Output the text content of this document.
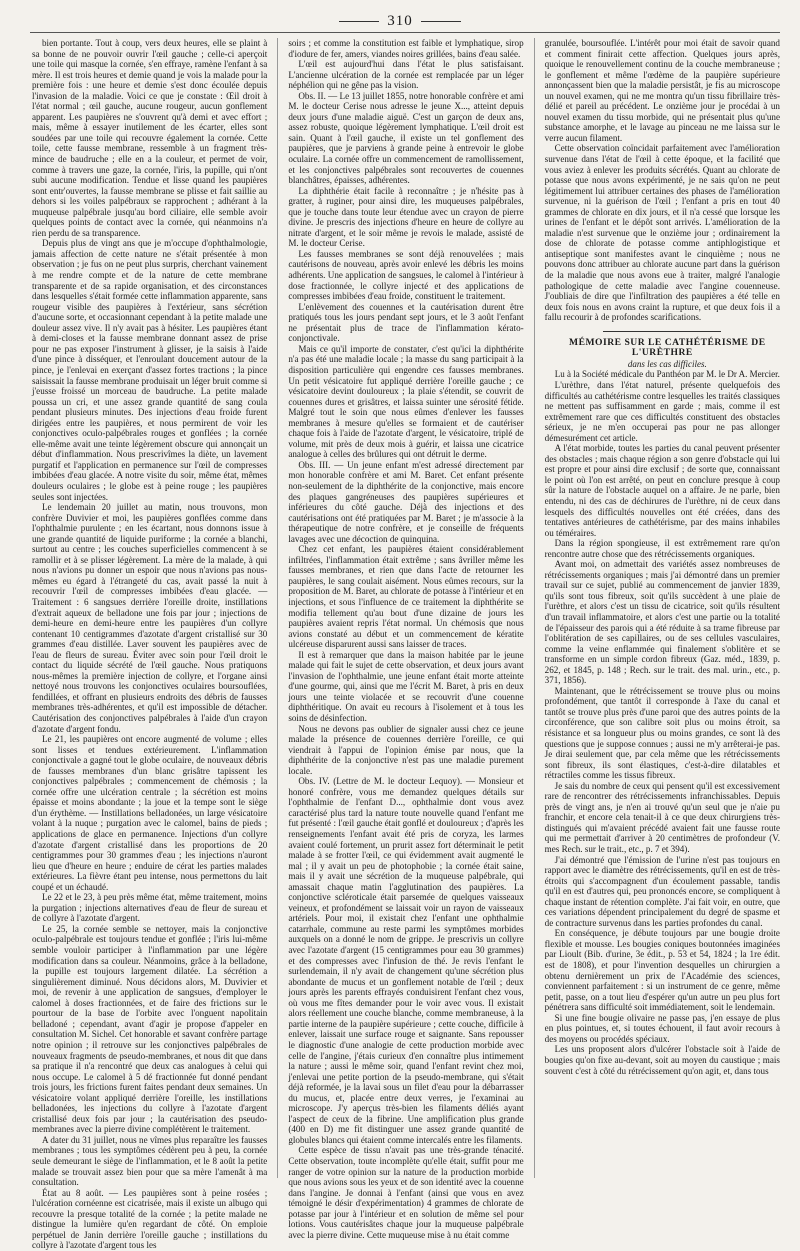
310

bien portante. Tout à coup, vers deux heures, elle se plaint à sa bonne de ne pouvoir ouvrir l'œil gauche ; celle-ci aperçoit une toile qui masque la cornée, s'en effraye, ramène l'enfant à sa mère. Il est trois heures et demie quand je vois la malade pour la première fois : une heure et demie s'est donc écoulée depuis l'invasion de la maladie. Voici ce que je constate : Œil droit à l'état normal ; œil gauche, aucune rougeur, aucun gonflement apparent. Les paupières ne s'ouvrent qu'à demi et avec effort ; mais, même à essayer inutilement de les écarter, elles sont soudées par une toile qui recouvre également la cornée. Cette toile, cette fausse membrane, ressemble à un fragment très-mince de baudruche ; elle en a la couleur, et permet de voir, comme à travers une gaze, la cornée, l'iris, la pupille, qui n'ont subi aucune modification. Tendue et lisse quand les paupières sont entr'ouvertes, la fausse membrane se plisse et fait saillie au dehors si les voiles palpébraux se rapprochent ; adhérant à la muqueuse palpébrale jusqu'au bord ciliaire, elle semble avoir quelques points de contact avec la cornée, qui néanmoins n'a rien perdu de sa transparence.

Depuis plus de vingt ans que je m'occupe d'ophthalmologie, jamais affection de cette nature ne s'était présentée à mon observation ; je fus on ne peut plus surpris, cherchant vainement à me rendre compte et de la nature de cette membrane transparente et de sa rapide organisation, et des circonstances dans lesquelles s'était formée cette inflammation apparente, sans rougeur visible des paupières à l'extérieur, sans sécrétion d'aucune sorte, et occasionnant cependant à la petite malade une douleur assez vive. Il n'y avait pas à hésiter. Les paupières étant à demi-closes et la fausse membrane donnant assez de prise pour ne pas exposer l'instrument à glisser, je la saisis à l'aide d'une pince à disséquer, et l'enroulant doucement autour de la pince, je l'enlevai en exerçant d'assez fortes tractions ; la pince saisissait la fausse membrane produisait un léger bruit comme si j'eusse froissé un morceau de baudruche. La petite malade poussa un cri, et une assez grande quantité de sang coula pendant plusieurs minutes. Des injections d'eau froide furent dirigées entre les paupières, et nous permirent de voir les conjonctives oculo-palpébrales rouges et gonflées ; la cornée elle-même avait une teinte légèrement obscure qui annonçait un début d'inflammation. Nous prescrivîmes la diète, un lavement purgatif et l'application en permanence sur l'œil de compresses imbibées d'eau glacée. A notre visite du soir, même état, mêmes douleurs oculaires ; le globe est à peine rouge ; les paupières seules sont injectées.

Le lendemain 20 juillet au matin, nous trouvons, mon confrère Duvivier et moi, les paupières gonflées comme dans l'ophthalmie purulente ; en les écartant, nous donnons issue à une grande quantité de liquide puriforme ; la cornée a blanchi, surtout au centre ; les couches superficielles commencent à se ramollir et à se plisser légèrement. La mère de la malade, à qui nous n'avions pu donner un espoir que nous n'avions pas nous-mêmes eu égard à l'étrangeté du cas, avait passé la nuit à recouvrir l'œil de compresses imbibées d'eau glacée. — Traitement : 6 sangsues derrière l'oreille droite, instillations d'extrait aqueux de belladone une fois par jour ; injections de demi-heure en demi-heure entre les paupières d'un collyre contenant 10 centigrammes d'azotate d'argent cristallisé sur 30 grammes d'eau distillée. Laver souvent les paupières avec de l'eau de fleurs de sureau. Éviter avec soin pour l'œil droit le contact du liquide sécrété de l'œil gauche. Nous pratiquons nous-mêmes la première injection de collyre, et l'organe ainsi nettoyé nous trouvons les conjonctives oculaires boursouflées, fendillées, et offrant en plusieurs endroits des débris de fausses membranes très-adhérentes, et qu'il est impossible de détacher. Cautérisation des conjonctives palpébrales à l'aide d'un crayon d'azotate d'argent fondu.

Le 21, les paupières ont encore augmenté de volume ; elles sont lisses et tendues extérieurement. L'inflammation conjonctivale a gagné tout le globe oculaire, de nouveaux débris de fausses membranes d'un blanc grisâtre tapissent les conjonctives palpébrales ; commencement de chémosis ; la cornée offre une ulcération centrale ; la sécrétion est moins épaisse et moins abondante ; la joue et la tempe sont le siège d'un érythème. — Instillations belladonées, un large vésicatoire volant à la nuque ; purgation avec le calomel, bains de pieds ; applications de glace en permanence. Injections d'un collyre d'azotate d'argent cristallisé dans les proportions de 20 centigrammes pour 30 grammes d'eau ; les injections n'auront lieu que d'heure en heure ; enduire de cérat les parties malades extérieures. La fièvre étant peu intense, nous permettons du lait coupé et un échaudé.

Le 22 et le 23, à peu près même état, même traitement, moins la purgation ; injections alternatives d'eau de fleur de sureau et de collyre à l'azotate d'argent.

Le 25, la cornée semble se nettoyer, mais la conjonctive oculo-palpébrale est toujours tendue et gonflée ; l'iris lui-même semble vouloir participer à l'inflammation par une légère modification dans sa couleur. Néanmoins, grâce à la belladone, la pupille est toujours largement dilatée. La sécrétion a singulièrement diminué. Nous décidons alors, M. Duvivier et moi, de revenir à une application de sangsues, d'employer le calomel à doses fractionnées, et de faire des frictions sur le pourtour de la base de l'orbite avec l'onguent napolitain belladoné ; cependant, avant d'agir je propose d'appeler en consultation M. Sichel. Cet honorable et savant confrère partage notre opinion ; il retrouve sur les conjonctives palpébrales de nouveaux fragments de pseudo-membranes, et nous dit que dans sa pratique il n'a rencontré que deux cas analogues à celui qui nous occupe. Le calomel à 5 dé fractionnée fut donné pendant trois jours, les frictions furent faites pendant deux semaines. Un vésicatoire volant appliqué derrière l'oreille, les instillations belladonées, les injections du collyre à l'azotate d'argent cristallisé deux fois par jour ; la cautérisation des pseudo-membranes avec la pierre divine complétèrent le traitement.

A dater du 31 juillet, nous ne vîmes plus reparaître les fausses membranes ; tous les symptômes cédèrent peu à peu, la cornée seule demeurant le siège de l'inflammation, et le 8 août la petite malade se trouvait assez bien pour que sa mère l'amenât à ma consultation.

État au 8 août. — Les paupières sont à peine rosées ; l'ulcération cornéenne est cicatrisée, mais il existe un albugo qui recouvre la presque totalité de la cornée ; la petite malade ne distingue la lumière qu'en regardant de côté. On emploie perpétuel de Janin derrière l'oreille gauche ; instillations du collyre à l'azotate d'argent tous les

soirs ; et comme la constitution est faible et lymphatique, sirop d'iodure de fer, amers, viandes noires grillées, bains d'eau salée.

L'œil est aujourd'hui dans l'état le plus satisfaisant. L'ancienne ulcération de la cornée est remplacée par un léger néphélion qui ne gêne pas la vision.

Obs. II. — Le 13 juillet 1855, notre honorable confrère et ami M. le docteur Cerise nous adresse le jeune X..., atteint depuis deux jours d'une maladie aiguë. C'est un garçon de deux ans, assez robuste, quoique légèrement lymphatique. L'œil droit est sain. Quant à l'œil gauche, il existe un tel gonflement des paupières, que je parviens à grande peine à entrevoir le globe oculaire. La cornée offre un commencement de ramollissement, et les conjonctives palpébrales sont recouvertes de couennes blanchâtres, épaisses, adhérentes.

La diphthérie était facile à reconnaître ; je n'hésite pas à gratter, à ruginer, pour ainsi dire, les muqueuses palpébrales, que je touche dans toute leur étendue avec un crayon de pierre divine. Je prescris des injections d'heure en heure de collyre au nitrate d'argent, et le soir même je revois le malade, assisté de M. le docteur Cerise.

Les fausses membranes se sont déjà renouvelées ; mais cautérisons de nouveau, après avoir enlevé les débris les moins adhérents. Une application de sangsues, le calomel à l'intérieur à dose fractionnée, le collyre injecté et des applications de compresses imbibées d'eau froide, constituent le traitement.

L'enlèvement des couennes et la cautérisation durent être pratiqués tous les jours pendant sept jours, et le 3 août l'enfant ne présentait plus de trace de l'inflammation kérato-conjonctivale.

Mais ce qu'il importe de constater, c'est qu'ici la diphthérite n'a pas été une maladie locale ; la masse du sang participait à la disposition particulière qui engendre ces fausses membranes. Un petit vésicatoire fut appliqué derrière l'oreille gauche ; ce vésicatoire devint douloureux ; la plaie s'étendit, se couvrit de couennes dures et grisâtres, et laissa suinter une sérosité fétide. Malgré tout le soin que nous eûmes d'enlever les fausses membranes à mesure qu'elles se formaient et de cautériser chaque fois à l'aide de l'azotate d'argent, le vésicatoire, triplé de volume, mit près de deux mois à guérir, et laissa une cicatrice analogue à celles des brûlures qui ont détruit le derme.

Obs. III. — Un jeune enfant m'est adressé directement par mon honorable confrère et ami M. Baret. Cet enfant présente non-seulement de la diphthérite de la conjonctive, mais encore des plaques gangréneuses des paupières supérieures et inférieures du côté gauche. Déjà des injections et des cautérisations ont été pratiquées par M. Baret ; je m'associe à la thérapeutique de notre confrère, et je conseille de fréquents lavages avec une décoction de quinquina.

Chez cet enfant, les paupières étaient considérablement infiltrées, l'inflammation était extrême ; sans âvriller même les fausses membranes, et rien que dans l'acte de retourner les paupières, le sang coulait aisément. Nous eûmes recours, sur la proposition de M. Baret, au chlorate de potasse à l'intérieur et en injections, et sous l'influence de ce traitement la diphthérite se modifia tellement qu'au bout d'une dizaine de jours les paupières avaient repris l'état normal. Un chémosis que nous avions constaté au début et un commencement de kératite ulcéreuse disparurent aussi sans laisser de traces.

Il est à remarquer que dans la maison habitée par le jeune malade qui fait le sujet de cette observation, et deux jours avant l'invasion de l'ophthalmie, une jeune enfant était morte atteinte d'une gourme, qui, ainsi que me l'écrit M. Baret, à pris en deux jours une teinte violacée et se recouvrit d'une couenne diphthéritique. On avait eu recours à l'isolement et à tous les soins de désinfection.

Nous ne devons pas oublier de signaler aussi chez ce jeune malade la présence de couennes derrière l'oreille, ce qui viendrait à l'appui de l'opinion émise par nous, que la diphthérite de la conjonctive n'est pas une maladie purement locale.

Obs. IV. (Lettre de M. le docteur Lequoy). — Monsieur et honoré confrère, vous me demandez quelques détails sur l'ophthalmie de l'enfant D..., ophthalmie dont vous avez caractérisé plus tard la nature toute nouvelle quand l'enfant me fut présenté : l'œil gauche était gonflé et douloureux ; d'après les renseignements l'enfant avait été pris de coryza, les larmes avaient coulé fortement, un prurit assez fort déterminait le petit malade à se frotter l'œil, ce qui évidemment avait augmenté le mal ; il y avait un peu de photophobie ; la cornée était saine, mais il y avait une sécrétion de la muqueuse palpébrale, qui amassait chaque matin l'agglutination des paupières. La conjonctive scléroticale était parsemée de quelques vaisseaux veineux, et profondément se laissait voir un rayon de vaisseaux artériels. Pour moi, il existait chez l'enfant une ophthalmie catarrhale, commune au reste parmi les symptômes morbides auxquels on a donné le nom de grippe. Je prescrivis un collyre avec l'azotate d'argent (15 centigrammes pour eau 30 grammes) et des compresses avec l'infusion de thé. Je revis l'enfant le surlendemain, il n'y avait de changement qu'une sécrétion plus abondante de mucus et un gonflement notable de l'œil ; deux jours après les parents effrayés conduisirent l'enfant chez vous, où vous me fîtes demander pour le voir avec vous. Il existait alors réellement une couche blanche, comme membraneuse, à la partie interne de la paupière supérieure ; cette couche, difficile à enlever, laissait une surface rouge et saignante. Sans repousser le diagnostic d'une analogie de cette production morbide avec celle de l'angine, j'étais curieux d'en connaître plus intimement la nature ; aussi le même soir, quand l'enfant revint chez moi, j'enlevai une petite portion de la pseudo-membrane, qui s'était déjà reformée, je la lavai sous un filet d'eau pour la débarrasser du mucus, et, placée entre deux verres, je l'examinai au microscope. J'y aperçus très-bien les filaments déliés ayant l'aspect de ceux de la fibrine. Une amplification plus grande (400 en D) me fit distinguer une assez grande quantité de globules blancs qui étaient comme intercalés entre les filaments.

Cette espèce de tissu n'avait pas une très-grande ténacité. Cette observation, toute incomplète qu'elle était, suffit pour me ranger de votre opinion sur la nature de la production morbide que nous avions sous les yeux et de son identité avec la couenne dans l'angine. Je donnai à l'enfant (ainsi que vous en avez témoigné le désir d'expérimentation) 4 grammes de chlorate de potasse par jour à l'intérieur et en solution de même sel pour lotions. Vous cautérisâtes chaque jour la muqueuse palpébrale avec la pierre divine. Cette muqueuse mise à nu était comme

granulée, boursouflée. L'intérêt pour moi était de savoir quand et comment finirait cette affection. Quelques jours après, quoique le renouvellement continu de la couche membraneuse ; le gonflement et même l'œdème de la paupière supérieure annonçassent bien que la maladie persistât, je fis au microscope un nouvel examen, qui ne me montra qu'un tissu fibrillaire très-délié et pareil au précédent. Le onzième jour je procédai à un nouvel examen du tissu morbide, qui ne présentait plus qu'une substance amorphe, et le lavage au pinceau ne me laissa sur le verre aucun filament.

Cette observation coïncidait parfaitement avec l'amélioration survenue dans l'état de l'œil à cette époque, et la facilité que vous aviez à enlever les produits sécrétés. Quant au chlorate de potasse que nous avons expérimenté, je ne sais qu'on ne peut légitimement lui attribuer certaines des phases de l'amélioration survenue, ni la guérison de l'œil ; l'enfant a pris en tout 40 grammes de chlorate en dix jours, et il n'a cessé que lorsque les urines de l'enfant et le dépôt sont arrivés. L'amélioration de la maladie n'est survenue que le onzième jour ; ordinairement la dose de chlorate de potasse comme antiphlogistique et antiseptique sont manifestes avant le cinquième ; nous ne pouvons donc attribuer au chlorate aucune part dans la guérison de la maladie que nous avons eue à traiter, malgré l'analogie pathologique de cette maladie avec l'angine couenneuse. J'oubliais de dire que l'infiltration des paupières a été telle en deux fois nous en avons craint la rupture, et que deux fois il a fallu recourir à de profondes scarifications.

MÉMOIRE SUR LE CATHÉTÉRISME DE L'URÈTHRE

dans les cas difficiles.

Lu à la Société médicale du Panthéon par M. le Dr A. Mercier.

L'urèthre, dans l'état naturel, présente quelquefois des difficultés au cathétérisme contre lesquelles les traités classiques ne mettent pas suffisamment en garde ; mais, comme il est extrêmement rare que ces difficultés constituent des obstacles sérieux, je ne m'en occuperai pas pour ne pas allonger démesurément cet article.

A l'état morbide, toutes les parties du canal peuvent présenter des obstacles ; mais chaque région a son genre d'obstacle qui lui est propre et pour ainsi dire exclusif ; de sorte que, connaissant le point où l'on est arrêté, on peut en conclure presque à coup sûr la nature de l'obstacle auquel on a affaire. Je ne parle, bien entendu, ni des cas de déchirures de l'urèthre, ni de ceux dans lesquels des difficultés nouvelles ont été créées, dans des tentatives antérieures de cathétérisme, par des mains inhabiles ou téméraires.

Dans la région spongieuse, il est extrêmement rare qu'on rencontre autre chose que des rétrécissements organiques.

Avant moi, on admettait des variétés assez nombreuses de rétrécissements organiques ; mais j'ai démontré dans un premier travail sur ce sujet, publié au commencement de janvier 1839, qu'ils sont tous fibreux, soit qu'ils succèdent à une plaie de l'urèthre, et alors c'est un tissu de cicatrice, soit qu'ils résultent d'un travail inflammatoire, et alors c'est une partie ou la totalité de l'épaisseur des parois qui a été réduite à sa trame fibreuse par l'oblitération de ses capillaires, ou de ses cellules vasculaires, comme la veine enflammée qui finalement s'oblitère et se transforme en un simple cordon fibreux (Gaz. méd., 1839, p. 262, et 1845, p. 148 ; Rech. sur le trait. des mal. urin., etc., p. 371, 1856).

Maintenant, que le rétrécissement se trouve plus ou moins profondément, que tantôt il corresponde à l'axe du canal et tantôt se trouve plus près d'une paroi que des autres points de la circonférence, que son calibre soit plus ou moins étroit, sa résistance et sa longueur plus ou moins grandes, ce sont là des questions que je suppose connues ; aussi ne m'y arrêterai-je pas. Je dirai seulement que, par cela même que les rétrécissements sont fibreux, ils sont élastiques, c'est-à-dire dilatables et rétractiles comme les tissus fibreux.

Je sais du nombre de ceux qui pensent qu'il est excessivement rare de rencontrer des rétrécissements infranchissables. Depuis près de vingt ans, je n'en ai trouvé qu'un seul que je n'aie pu franchir, et encore cela tenait-il à ce que deux chirurgiens très-distingués qui m'avaient précédé avaient fait une fausse route qui me permettait d'arriver à 20 centimètres de profondeur (V. mes Rech. sur le trait., etc., p. 7 et 394).

J'ai démontré que l'émission de l'urine n'est pas toujours en rapport avec le diamètre des rétrécissements, qu'il en est de très-étroits qui s'accompagnent d'un écoulement passable, tandis qu'il en est d'autres qui, peu prononcés encore, se compliquent à chaque instant de rétention complète. J'ai fait voir, en outre, que ces variations dépendent principalement du degré de spasme et de contracture survenus dans les parties profondes du canal.

En conséquence, je débute toujours par une bougie droite flexible et mousse. Les bougies coniques boutonnées imaginées par Lioult (Bib. d'urine, 3e édit., p. 53 et 54, 1824 ; la 1re édit. est de 1808), et pour l'invention desquelles un chirurgien a obtenu dernièrement un prix de l'Académie des sciences, conviennent parfaitement : si un instrument de ce genre, même petit, passe, on a tout lieu d'espérer qu'un autre un peu plus fort pénétrera sans difficulté soit immédiatement, soit le lendemain.

Si une fine bougie olivaire ne passe pas, j'en essaye de plus en plus pointues, et, si toutes échouent, il faut avoir recours à des moyens ou procédés spéciaux.

Les uns proposent alors d'ulcérer l'obstacle soit à l'aide de bougies qu'on fixe au-devant, soit au moyen du caustique ; mais souvent c'est à côté du rétrécissement qu'on agit, et, dans tous
